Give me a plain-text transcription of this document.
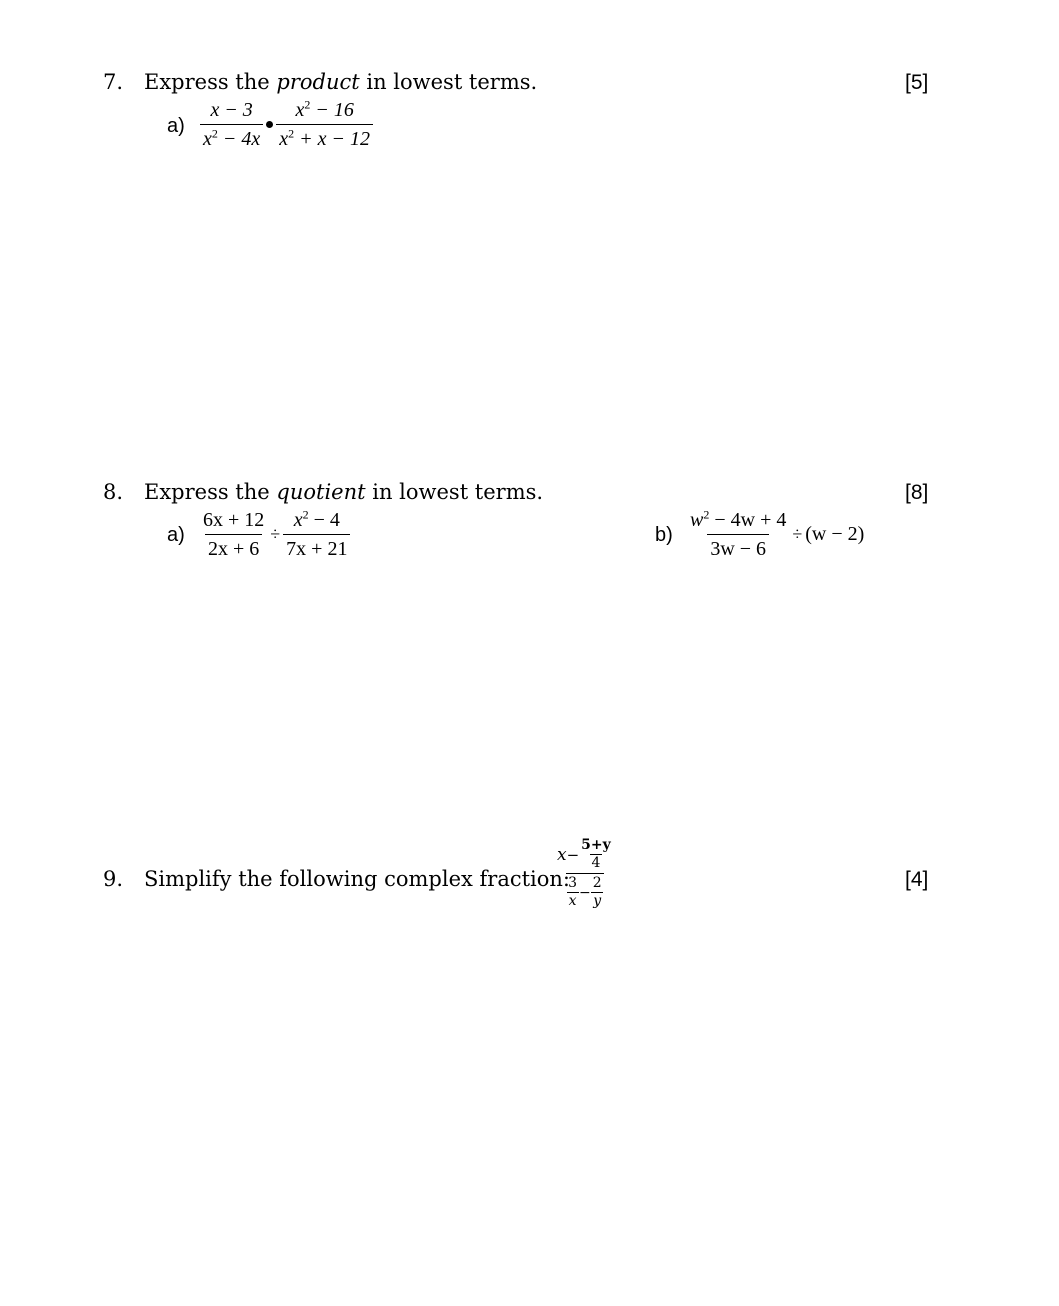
7. Express the product in lowest terms.	[5]
$a) \frac{x - 3}{x^2 - 4x} \frac{x^2 - 16}{x^2 + x - 12}$
8. Express the quotient in lowest terms.	[8]
$a) \frac{6x + 12}{2x + 6} \div \frac{x^2 - 4}{7x + 21}$	$b) \frac{w^2 - 4w + 4}{3w - 6} \div (w - 2)$
9. Simplify the following complex fraction:	[4]
$\frac{x - \frac{5+y}{4}}{\frac{3}{x} - \frac{2}{y}}$
